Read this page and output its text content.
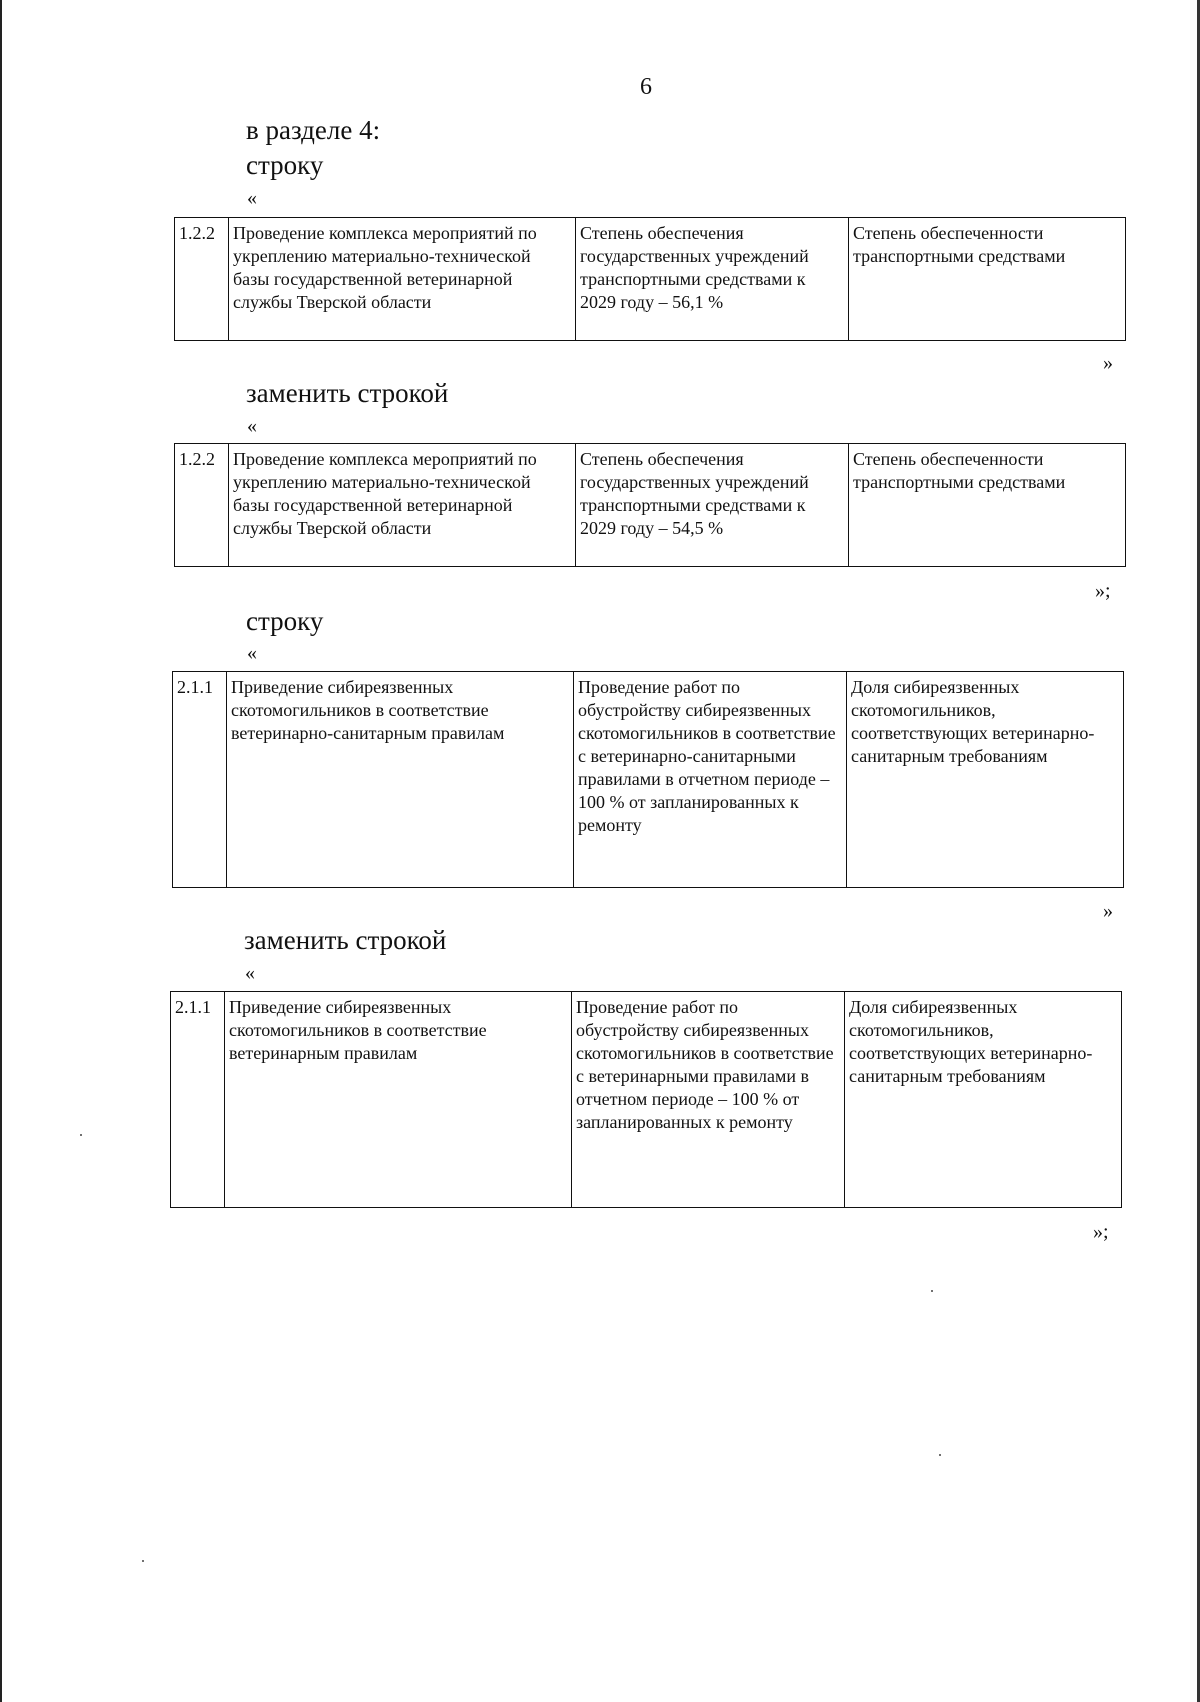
6
в разделе 4:
строку
«
1.2.2	Проведение комплекса мероприятий по укреплению материально-технической базы государственной ветеринарной службы Тверской области	Степень обеспечения государственных учреждений транспортными средствами к 2029 году – 56,1 %	Степень обеспеченности транспортными средствами
»
заменить строкой
«
1.2.2	Проведение комплекса мероприятий по укреплению материально-технической базы государственной ветеринарной службы Тверской области	Степень обеспечения государственных учреждений транспортными средствами к 2029 году – 54,5 %	Степень обеспеченности транспортными средствами
»;
строку
«
2.1.1	Приведение сибиреязвенных скотомогильников в соответствие ветеринарно-санитарным правилам	Проведение работ по обустройству сибиреязвенных скотомогильников в соответствие с ветеринарно-санитарными правилами в отчетном периоде – 100 % от запланированных к ремонту	Доля сибиреязвенных скотомогильников, соответствующих ветеринарно-санитарным требованиям
»
заменить строкой
«
2.1.1	Приведение сибиреязвенных скотомогильников в соответствие ветеринарным правилам	Проведение работ по обустройству сибиреязвенных скотомогильников в соответствие с ветеринарными правилами в отчетном периоде – 100 % от запланированных к ремонту	Доля сибиреязвенных скотомогильников, соответствующих ветеринарно-санитарным требованиям
»;
